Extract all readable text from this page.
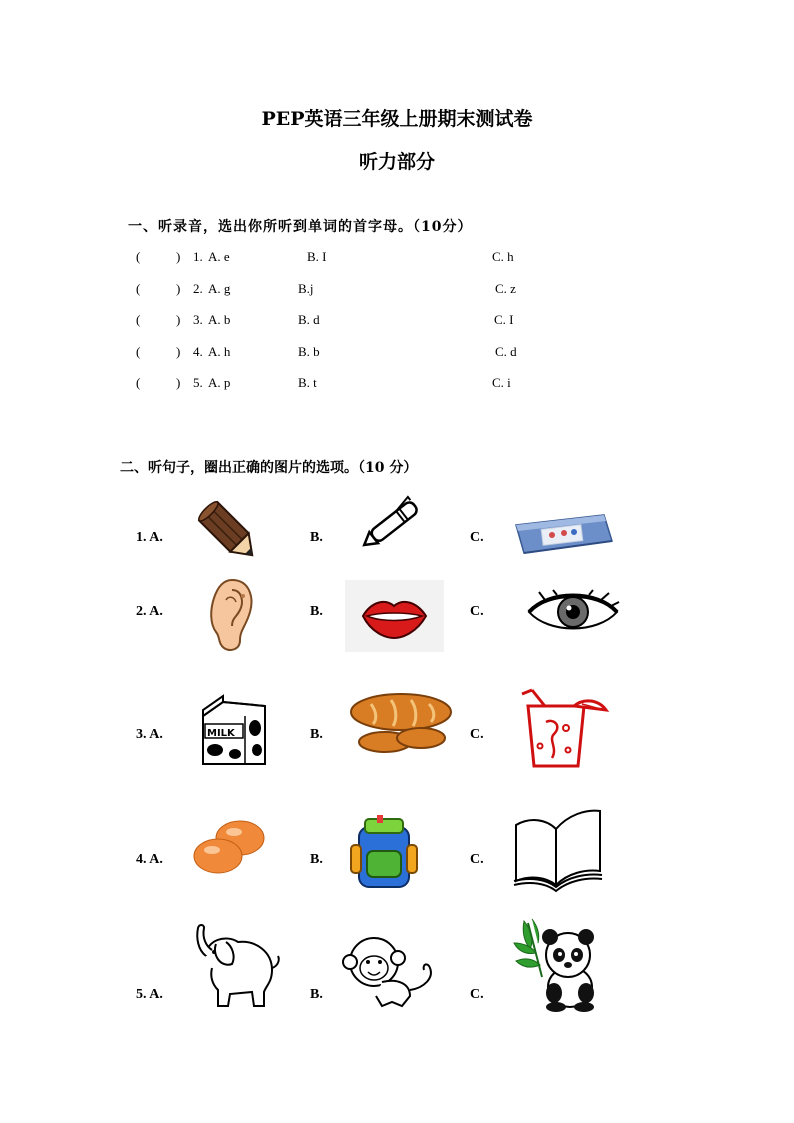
PEP英语三年级上册期末测试卷
听力部分
一、听录音，选出你所听到单词的首字母。（10分）
(	) 1. A. e	B. I	C. h
(	) 2. A. g	B.j	C. z
(	) 3. A. b	B. d	C. I
(	) 4. A. h	B. b	C. d
(	) 5. A. p	B. t	C. i
二、听句子，圈出正确的图片的选项。（10 分）
1. A.	B.	C.
2. A.	B.	C.
3. A.	B.	C.
4. A.	B.	C.
5. A.	B.	C.
MILK
